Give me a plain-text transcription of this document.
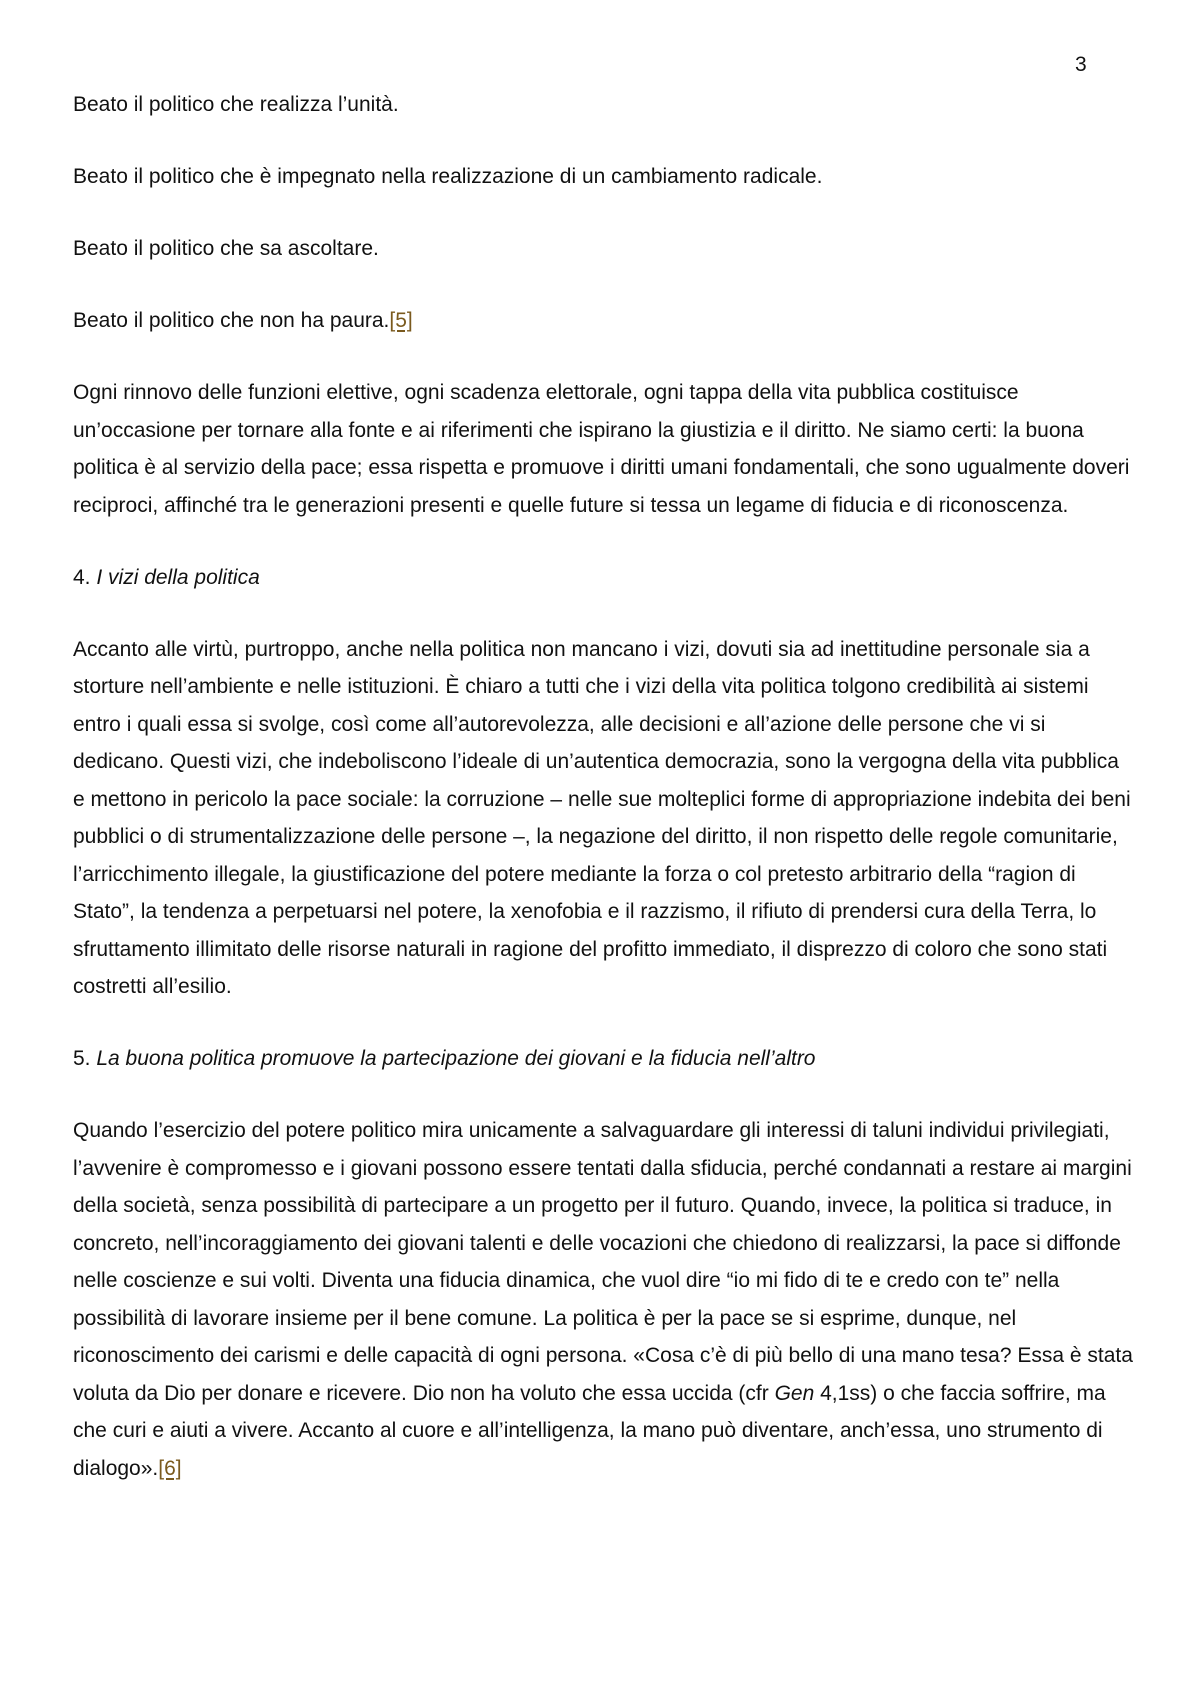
3

Beato il politico che realizza l’unità.

Beato il politico che è impegnato nella realizzazione di un cambiamento radicale.

Beato il politico che sa ascoltare.

Beato il politico che non ha paura.[5]

Ogni rinnovo delle funzioni elettive, ogni scadenza elettorale, ogni tappa della vita pubblica costituisce un’occasione per tornare alla fonte e ai riferimenti che ispirano la giustizia e il diritto. Ne siamo certi: la buona politica è al servizio della pace; essa rispetta e promuove i diritti umani fondamentali, che sono ugualmente doveri reciproci, affinché tra le generazioni presenti e quelle future si tessa un legame di fiducia e di riconoscenza.

4. I vizi della politica

Accanto alle virtù, purtroppo, anche nella politica non mancano i vizi, dovuti sia ad inettitudine personale sia a storture nell’ambiente e nelle istituzioni. È chiaro a tutti che i vizi della vita politica tolgono credibilità ai sistemi entro i quali essa si svolge, così come all’autorevolezza, alle decisioni e all’azione delle persone che vi si dedicano. Questi vizi, che indeboliscono l’ideale di un’autentica democrazia, sono la vergogna della vita pubblica e mettono in pericolo la pace sociale: la corruzione – nelle sue molteplici forme di appropriazione indebita dei beni pubblici o di strumentalizzazione delle persone –, la negazione del diritto, il non rispetto delle regole comunitarie, l’arricchimento illegale, la giustificazione del potere mediante la forza o col pretesto arbitrario della “ragion di Stato”, la tendenza a perpetuarsi nel potere, la xenofobia e il razzismo, il rifiuto di prendersi cura della Terra, lo sfruttamento illimitato delle risorse naturali in ragione del profitto immediato, il disprezzo di coloro che sono stati costretti all’esilio.

5. La buona politica promuove la partecipazione dei giovani e la fiducia nell’altro

Quando l’esercizio del potere politico mira unicamente a salvaguardare gli interessi di taluni individui privilegiati, l’avvenire è compromesso e i giovani possono essere tentati dalla sfiducia, perché condannati a restare ai margini della società, senza possibilità di partecipare a un progetto per il futuro. Quando, invece, la politica si traduce, in concreto, nell’incoraggiamento dei giovani talenti e delle vocazioni che chiedono di realizzarsi, la pace si diffonde nelle coscienze e sui volti. Diventa una fiducia dinamica, che vuol dire “io mi fido di te e credo con te” nella possibilità di lavorare insieme per il bene comune. La politica è per la pace se si esprime, dunque, nel riconoscimento dei carismi e delle capacità di ogni persona. «Cosa c’è di più bello di una mano tesa? Essa è stata voluta da Dio per donare e ricevere. Dio non ha voluto che essa uccida (cfr Gen 4,1ss) o che faccia soffrire, ma che curi e aiuti a vivere. Accanto al cuore e all’intelligenza, la mano può diventare, anch’essa, uno strumento di dialogo».[6]
